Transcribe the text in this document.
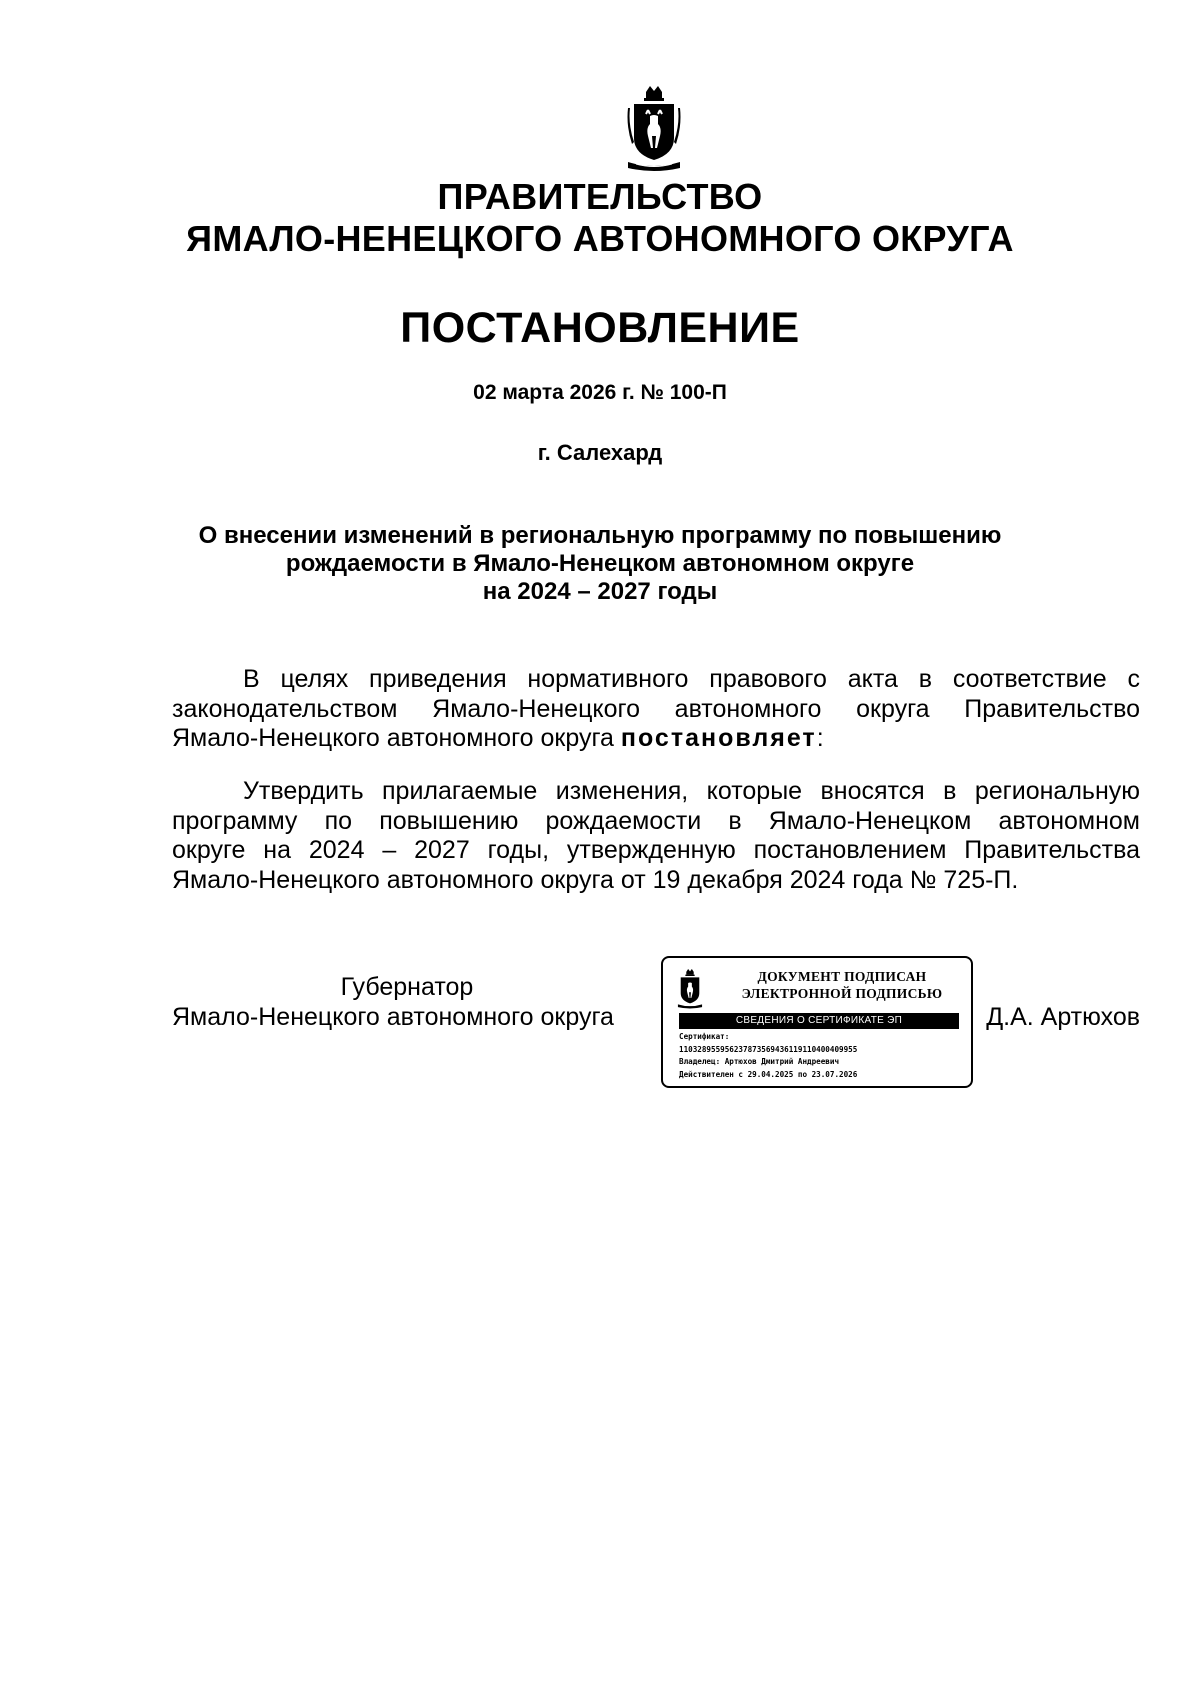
ПРАВИТЕЛЬСТВО
ЯМАЛО-НЕНЕЦКОГО АВТОНОМНОГО ОКРУГА
ПОСТАНОВЛЕНИЕ
02 марта 2026 г. № 100-П
г. Салехард
О внесении изменений в региональную программу по повышению
рождаемости в Ямало-Ненецком автономном округе
на 2024 – 2027 годы
В целях приведения нормативного правового акта в соответствие с
законодательством Ямало-Ненецкого автономного округа Правительство
Ямало-Ненецкого автономного округа постановляет:
Утвердить прилагаемые изменения, которые вносятся в региональную
программу по повышению рождаемости в Ямало-Ненецком автономном
округе на 2024 – 2027 годы, утвержденную постановлением Правительства
Ямало-Ненецкого автономного округа от 19 декабря 2024 года № 725-П.
Губернатор
Ямало-Ненецкого автономного округа
ДОКУМЕНТ ПОДПИСАН
ЭЛЕКТРОННОЙ ПОДПИСЬЮ
СВЕДЕНИЯ О СЕРТИФИКАТЕ ЭП
Сертификат:
110328955956237873569436119110400409955
Владелец: Артюхов Дмитрий Андреевич
Действителен с 29.04.2025 по 23.07.2026
Д.А. Артюхов
